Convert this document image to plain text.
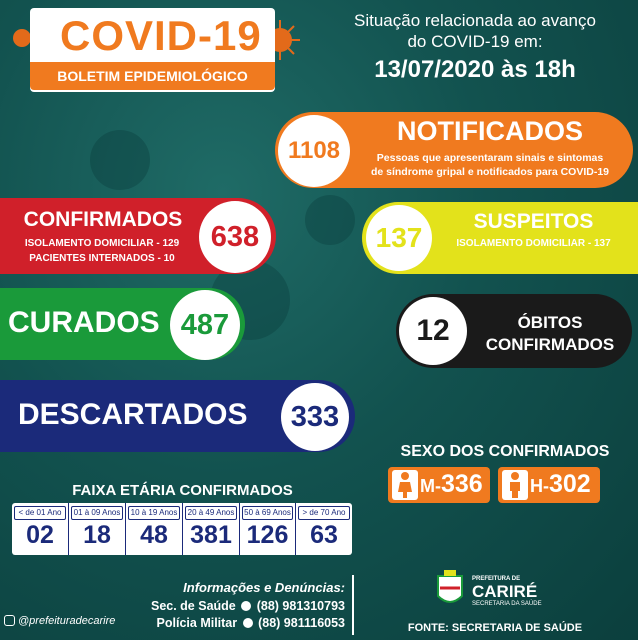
COVID-19
BOLETIM EPIDEMIOLÓGICO
Situação relacionada ao avanço
do COVID-19 em:
13/07/2020 às 18h
1108
NOTIFICADOS
Pessoas que apresentaram sinais e sintomas
de síndrome gripal e notificados para COVID-19
CONFIRMADOS
ISOLAMENTO DOMICILIAR - 129
PACIENTES INTERNADOS - 10
638	137
SUSPEITOS
ISOLAMENTO DOMICILIAR - 137
CURADOS 487	12	ÓBITOS
CONFIRMADOS
DESCARTADOS 333
SEXO DOS CONFIRMADOS
M-336	H-302
FAIXA ETÁRIA CONFIRMADOS
< de 01 Ano
02
01 à 09 Anos
18
10 à 19 Anos
48
20 à 49 Anos
381
50 à 69 Anos
126
> de 70 Ano
63
@prefeituradecarire
Informações e Denúncias:
Sec. de Saúde (88) 981310793
Polícia Militar (88) 981116053
PREFEITURA DE
CARIRÉ
SECRETARIA DA SAÚDE
FONTE: SECRETARIA DE SAÚDE
